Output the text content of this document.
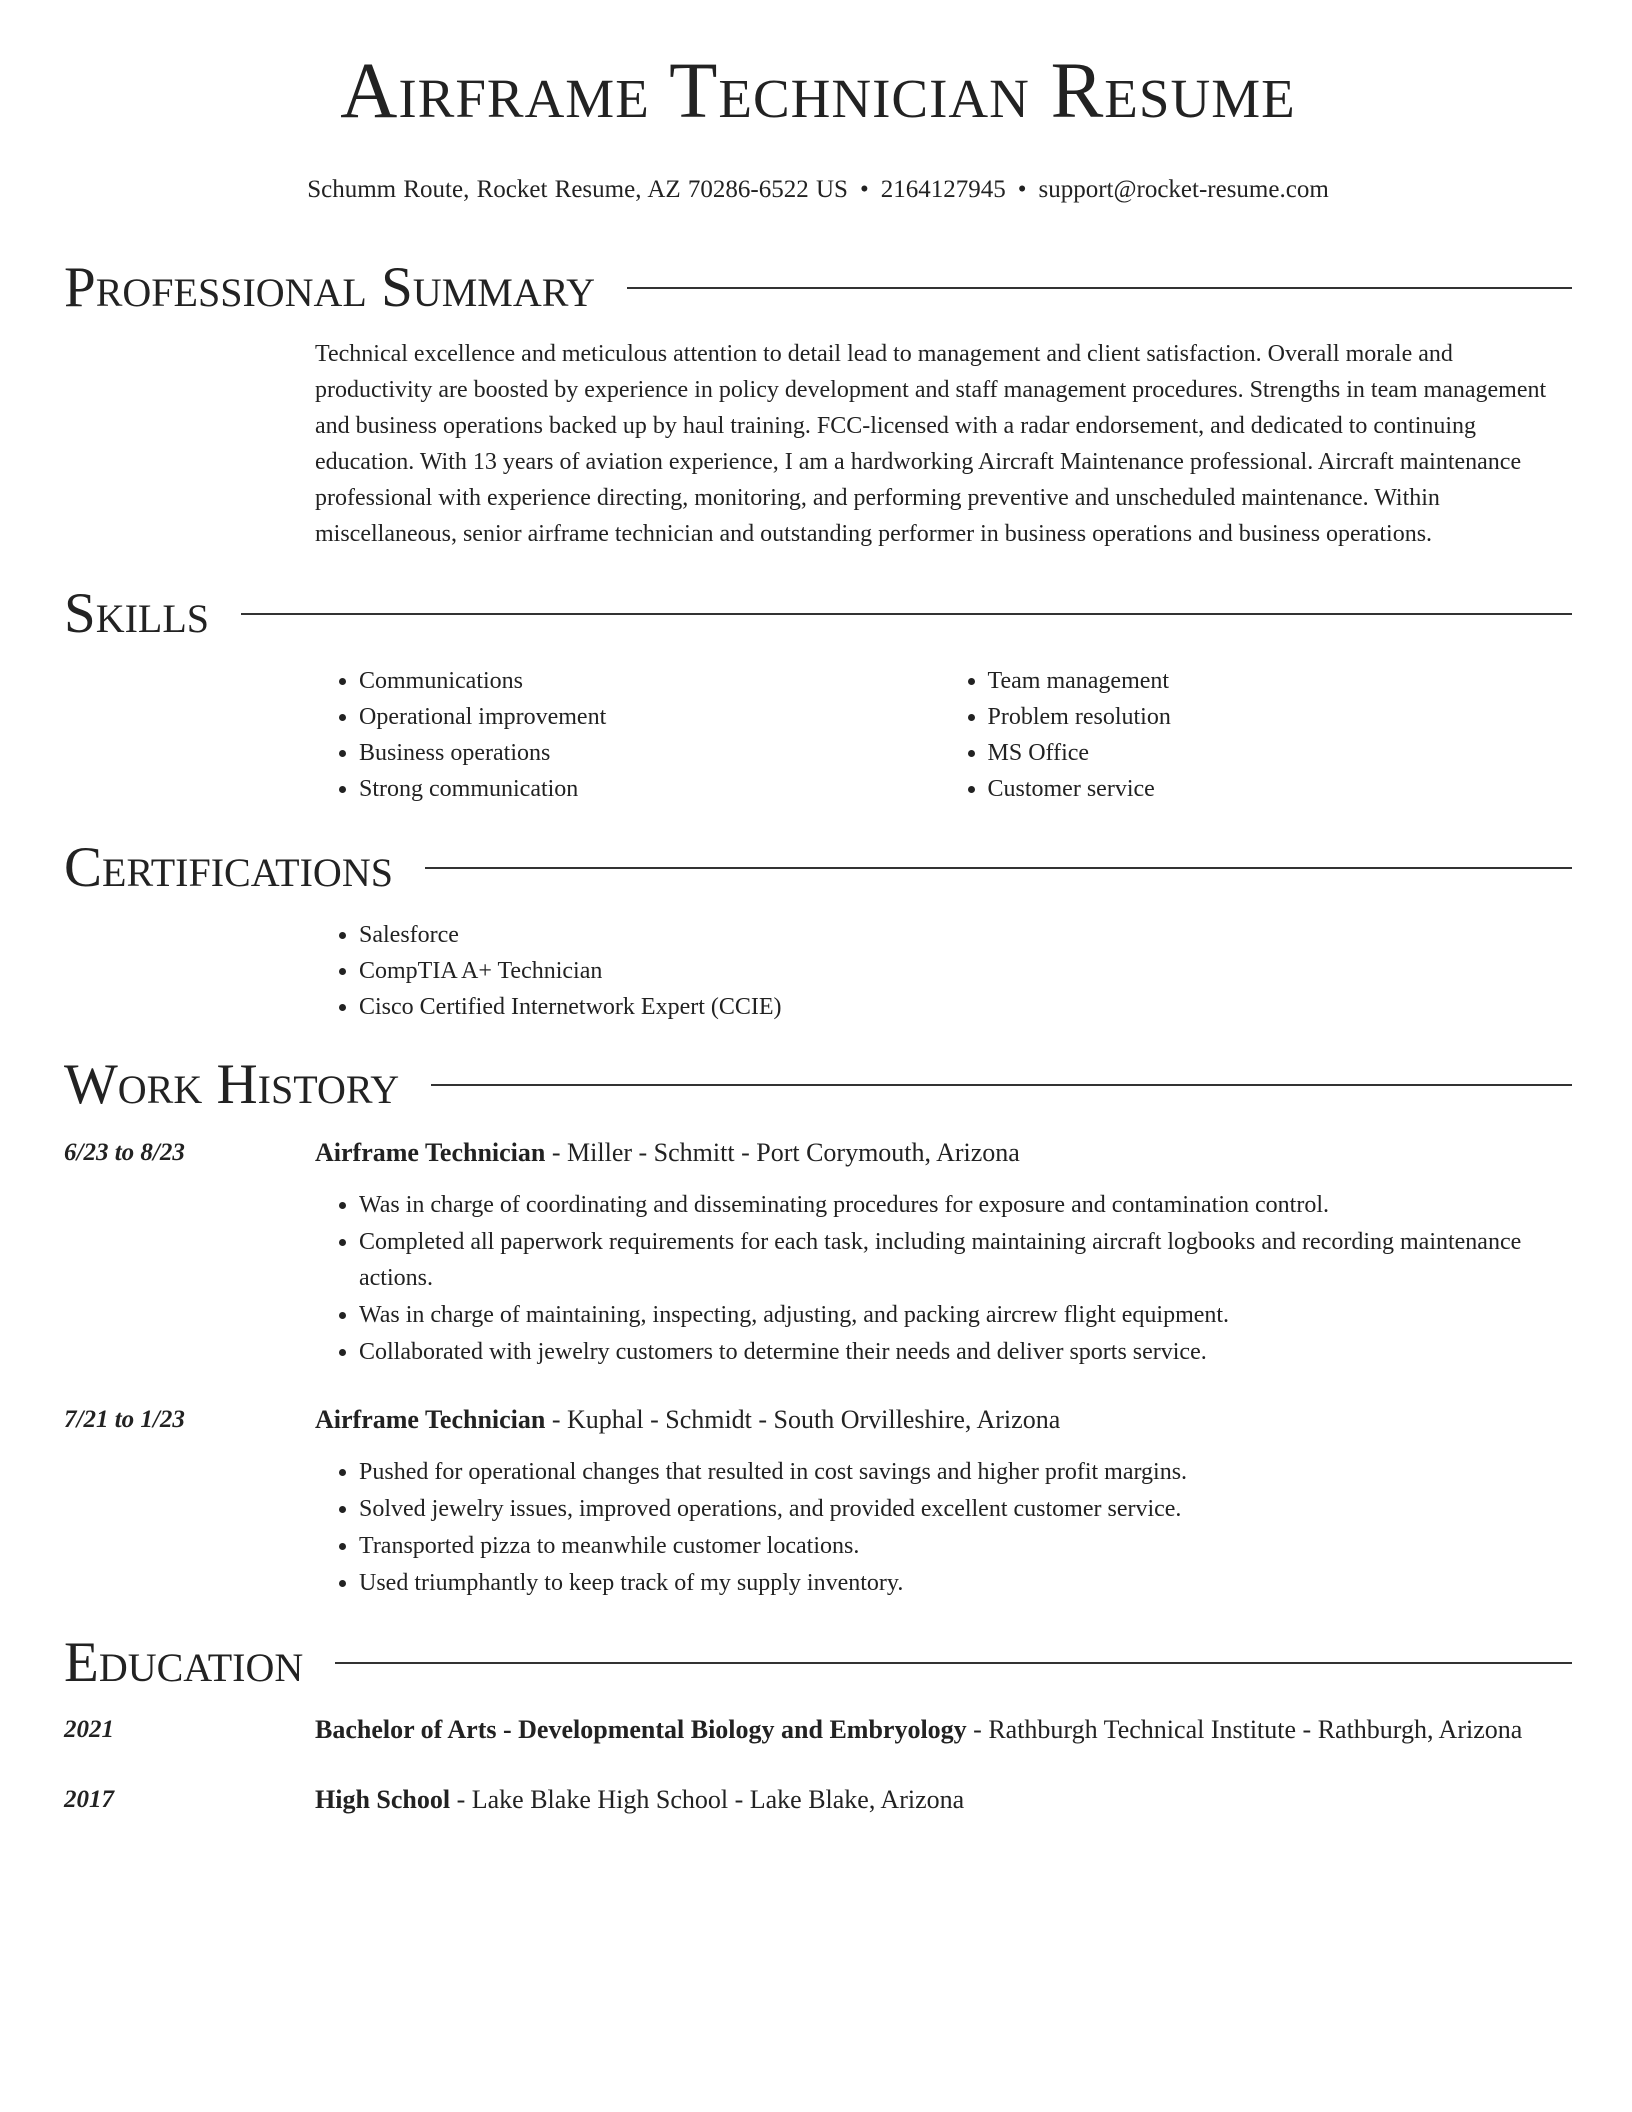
Airframe Technician Resume
Schumm Route, Rocket Resume, AZ 70286-6522 US • 2164127945 • support@rocket-resume.com
Professional Summary

Technical excellence and meticulous attention to detail lead to management and client satisfaction. Overall morale and productivity are boosted by experience in policy development and staff management procedures. Strengths in team management and business operations backed up by haul training. FCC-licensed with a radar endorsement, and dedicated to continuing education. With 13 years of aviation experience, I am a hardworking Aircraft Maintenance professional. Aircraft maintenance professional with experience directing, monitoring, and performing preventive and unscheduled maintenance. Within miscellaneous, senior airframe technician and outstanding performer in business operations and business operations.

Skills
• Communications
• Operational improvement
• Business operations
• Strong communication
• Team management
• Problem resolution
• MS Office
• Customer service
Certifications
• Salesforce
• CompTIA A+ Technician
• Cisco Certified Internetwork Expert (CCIE)
Work History
6/23 to 8/23	Airframe Technician - Miller - Schmitt - Port Corymouth, Arizona
• Was in charge of coordinating and disseminating procedures for exposure and contamination control.
• Completed all paperwork requirements for each task, including maintaining aircraft logbooks and recording maintenance actions.
• Was in charge of maintaining, inspecting, adjusting, and packing aircrew flight equipment.
• Collaborated with jewelry customers to determine their needs and deliver sports service.
7/21 to 1/23	Airframe Technician - Kuphal - Schmidt - South Orvilleshire, Arizona
• Pushed for operational changes that resulted in cost savings and higher profit margins.
• Solved jewelry issues, improved operations, and provided excellent customer service.
• Transported pizza to meanwhile customer locations.
• Used triumphantly to keep track of my supply inventory.
Education
2021	Bachelor of Arts - Developmental Biology and Embryology - Rathburgh Technical Institute - Rathburgh, Arizona
2017	High School - Lake Blake High School - Lake Blake, Arizona
